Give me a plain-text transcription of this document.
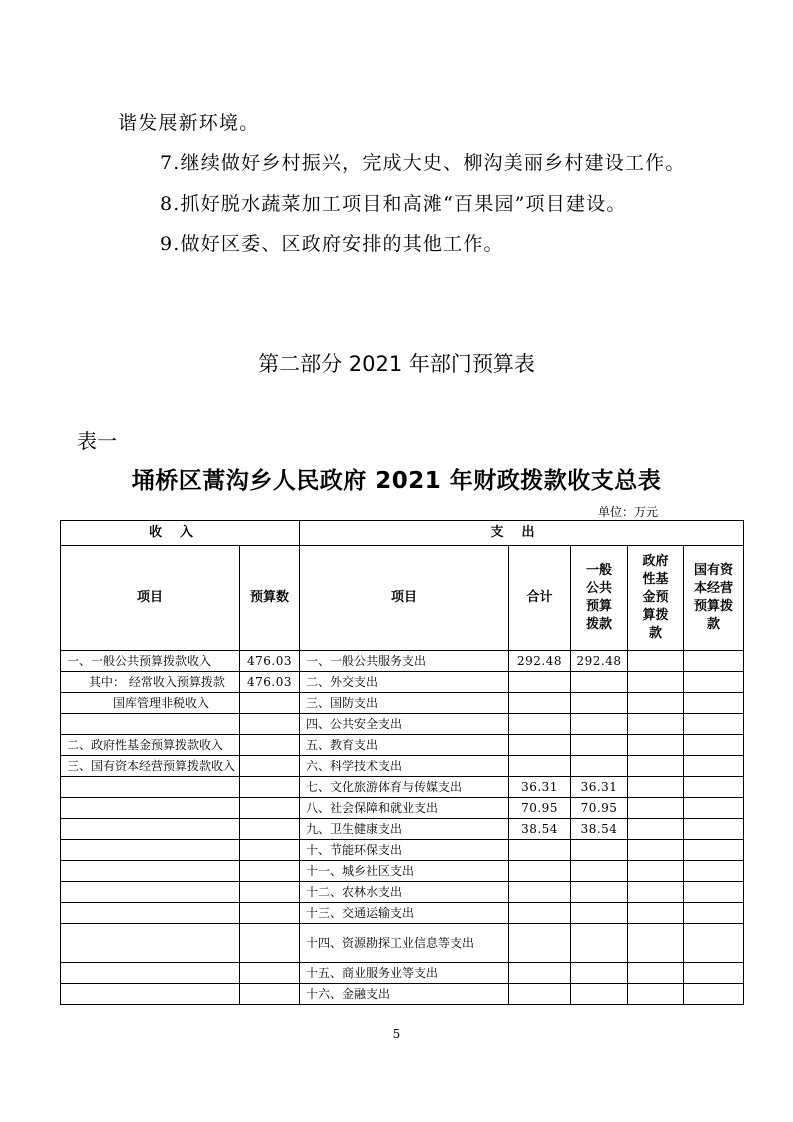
谐发展新环境。
7.继续做好乡村振兴，完成大史、柳沟美丽乡村建设工作。
8.抓好脱水蔬菜加工项目和高滩“百果园”项目建设。
9.做好区委、区政府安排的其他工作。
第二部分 2021 年部门预算表
表一
埇桥区蒿沟乡人民政府 2021 年财政拨款收支总表
单位：万元
收入		支出				
项目	预算数	项目	合计	一般公共预算拨款	政府性基金预算拨款	国有资本经营预算拨款
一、一般公共预算拨款收入	476.03	一、一般公共服务支出	292.48	292.48		
其中： 经常收入预算拨款	476.03	二、外交支出				
国库管理非税收入		三、国防支出				
		四、公共安全支出				
二、政府性基金预算拨款收入		五、教育支出				
三、国有资本经营预算拨款收入		六、科学技术支出				
		七、文化旅游体育与传媒支出	36.31	36.31		
		八、社会保障和就业支出	70.95	70.95		
		九、卫生健康支出	38.54	38.54		
		十、节能环保支出				
		十一、城乡社区支出				
		十二、农林水支出				
		十三、交通运输支出				
		十四、资源勘探工业信息等支出				
		十五、商业服务业等支出				
		十六、金融支出				
5
